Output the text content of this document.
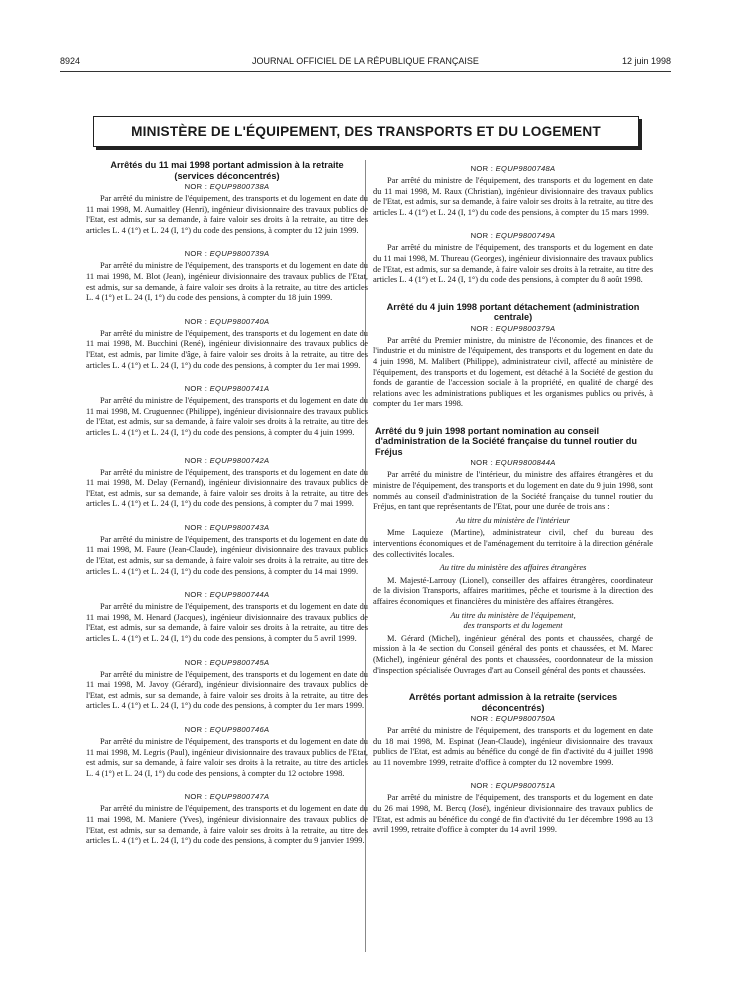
8924	JOURNAL OFFICIEL DE LA RÉPUBLIQUE FRANÇAISE	12 juin 1998
MINISTÈRE DE L'ÉQUIPEMENT, DES TRANSPORTS ET DU LOGEMENT
Arrêtés du 11 mai 1998 portant admission à la retraite (services déconcentrés)
NOR : EQUP9800738A
Par arrêté du ministre de l'équipement, des transports et du logement en date du 11 mai 1998, M. Aumaitley (Henri), ingénieur divisionnaire des travaux publics de l'Etat, est admis, sur sa demande, à faire valoir ses droits à la retraite, au titre des articles L. 4 (1°) et L. 24 (I, 1°) du code des pensions, à compter du 12 juin 1999.
NOR : EQUP9800739A
Par arrêté du ministre de l'équipement, des transports et du logement en date du 11 mai 1998, M. Blot (Jean), ingénieur divisionnaire des travaux publics de l'Etat, est admis, sur sa demande, à faire valoir ses droits à la retraite, au titre des articles L. 4 (1°) et L. 24 (I, 1°) du code des pensions, à compter du 18 juin 1999.
NOR : EQUP9800740A
Par arrêté du ministre de l'équipement, des transports et du logement en date du 11 mai 1998, M. Bucchini (René), ingénieur divisionnaire des travaux publics de l'Etat, est admis, par limite d'âge, à faire valoir ses droits à la retraite, au titre des articles L. 4 (1°) et L. 24 (I, 1°) du code des pensions, à compter du 1er mai 1999.
NOR : EQUP9800741A
Par arrêté du ministre de l'équipement, des transports et du logement en date du 11 mai 1998, M. Cruguennec (Philippe), ingénieur divisionnaire des travaux publics de l'Etat, est admis, sur sa demande, à faire valoir ses droits à la retraite, au titre des articles L. 4 (1°) et L. 24 (I, 1°) du code des pensions, à compter du 4 juin 1999.
NOR : EQUP9800742A
Par arrêté du ministre de l'équipement, des transports et du logement en date du 11 mai 1998, M. Delay (Fernand), ingénieur divisionnaire des travaux publics de l'Etat, est admis, sur sa demande, à faire valoir ses droits à la retraite, au titre des articles L. 4 (1°) et L. 24 (I, 1°) du code des pensions, à compter du 7 mai 1999.
NOR : EQUP9800743A
Par arrêté du ministre de l'équipement, des transports et du logement en date du 11 mai 1998, M. Faure (Jean-Claude), ingénieur divisionnaire des travaux publics de l'Etat, est admis, sur sa demande, à faire valoir ses droits à la retraite, au titre des articles L. 4 (1°) et L. 24 (I, 1°) du code des pensions, à compter du 14 mai 1999.
NOR : EQUP9800744A
Par arrêté du ministre de l'équipement, des transports et du logement en date du 11 mai 1998, M. Henard (Jacques), ingénieur divisionnaire des travaux publics de l'Etat, est admis, sur sa demande, à faire valoir ses droits à la retraite, au titre des articles L. 4 (1°) et L. 24 (I, 1°) du code des pensions, à compter du 5 avril 1999.
NOR : EQUP9800745A
Par arrêté du ministre de l'équipement, des transports et du logement en date du 11 mai 1998, M. Javoy (Gérard), ingénieur divisionnaire des travaux publics de l'Etat, est admis, sur sa demande, à faire valoir ses droits à la retraite, au titre des articles L. 4 (1°) et L. 24 (I, 1°) du code des pensions, à compter du 1er mars 1999.
NOR : EQUP9800746A
Par arrêté du ministre de l'équipement, des transports et du logement en date du 11 mai 1998, M. Legris (Paul), ingénieur divisionnaire des travaux publics de l'Etat, est admis, sur sa demande, à faire valoir ses droits à la retraite, au titre des articles L. 4 (1°) et L. 24 (I, 1°) du code des pensions, à compter du 12 octobre 1998.
NOR : EQUP9800747A
Par arrêté du ministre de l'équipement, des transports et du logement en date du 11 mai 1998, M. Maniere (Yves), ingénieur divisionnaire des travaux publics de l'Etat, est admis, sur sa demande, à faire valoir ses droits à la retraite, au titre des articles L. 4 (1°) et L. 24 (I, 1°) du code des pensions, à compter du 9 janvier 1999.
NOR : EQUP9800748A
Par arrêté du ministre de l'équipement, des transports et du logement en date du 11 mai 1998, M. Raux (Christian), ingénieur divisionnaire des travaux publics de l'Etat, est admis, sur sa demande, à faire valoir ses droits à la retraite, au titre des articles L. 4 (1°) et L. 24 (I, 1°) du code des pensions, à compter du 15 mars 1999.
NOR : EQUP9800749A
Par arrêté du ministre de l'équipement, des transports et du logement en date du 11 mai 1998, M. Thureau (Georges), ingénieur divisionnaire des travaux publics de l'Etat, est admis, sur sa demande, à faire valoir ses droits à la retraite, au titre des articles L. 4 (1°) et L. 24 (I, 1°) du code des pensions, à compter du 8 août 1998.
Arrêté du 4 juin 1998 portant détachement (administration centrale)
NOR : EQUP9800379A
Par arrêté du Premier ministre, du ministre de l'économie, des finances et de l'industrie et du ministre de l'équipement, des transports et du logement en date du 4 juin 1998, M. Malibert (Philippe), administrateur civil, affecté au ministère de l'équipement, des transports et du logement, est détaché à la Société de gestion du fonds de garantie de l'accession sociale à la propriété, en qualité de chargé des relations avec les administrations publiques et les organismes publics ou privés, à compter du 1er mars 1998.
Arrêté du 9 juin 1998 portant nomination au conseil d'administration de la Société française du tunnel routier du Fréjus
NOR : EQUR9800844A
Par arrêté du ministre de l'intérieur, du ministre des affaires étrangères et du ministre de l'équipement, des transports et du logement en date du 9 juin 1998, sont nommés au conseil d'administration de la Société française du tunnel routier du Fréjus, en tant que représentants de l'Etat, pour une durée de trois ans :
Au titre du ministère de l'intérieur
Mme Laquieze (Martine), administrateur civil, chef du bureau des interventions économiques et de l'aménagement du territoire à la direction générale des collectivités locales.
Au titre du ministère des affaires étrangères
M. Majesté-Larrouy (Lionel), conseiller des affaires étrangères, coordinateur de la division Transports, affaires maritimes, pêche et tourisme à la direction des affaires économiques et financières du ministère des affaires étrangères.
Au titre du ministère de l'équipement,
des transports et du logement
M. Gérard (Michel), ingénieur général des ponts et chaussées, chargé de mission à la 4e section du Conseil général des ponts et chaussées, et M. Marec (Michel), ingénieur général des ponts et chaussées, coordonnateur de la mission d'inspection spécialisée Ouvrages d'art au Conseil général des ponts et chaussées.
Arrêtés portant admission à la retraite (services déconcentrés)
NOR : EQUP9800750A
Par arrêté du ministre de l'équipement, des transports et du logement en date du 18 mai 1998, M. Espinat (Jean-Claude), ingénieur divisionnaire des travaux publics de l'Etat, est admis au bénéfice du congé de fin d'activité du 4 juillet 1998 au 11 novembre 1999, retraite d'office à compter du 12 novembre 1999.
NOR : EQUP9800751A
Par arrêté du ministre de l'équipement, des transports et du logement en date du 26 mai 1998, M. Bercq (José), ingénieur divisionnaire des travaux publics de l'Etat, est admis au bénéfice du congé de fin d'activité du 1er décembre 1998 au 13 avril 1999, retraite d'office à compter du 14 avril 1999.
